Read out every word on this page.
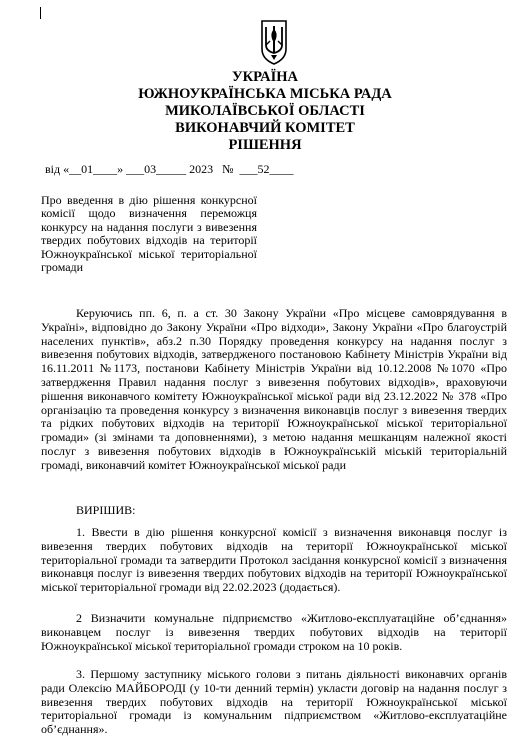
УКРАЇНА
ЮЖНОУКРАЇНСЬКА МІСЬКА РАДА
МИКОЛАЇВСЬКОЇ ОБЛАСТІ
ВИКОНАВЧИЙ КОМІТЕТ
РІШЕННЯ
від «__01____» ___03_____ 2023   №  ___52____
Про введення в дію рішення конкурсної комісії щодо визначення переможця конкурсу на надання послуги з вивезення твердих побутових відходів на території Южноукраїнської міської територіальної громади
Керуючись пп. 6, п. а ст. 30 Закону України «Про місцеве самоврядування в Україні», відповідно до Закону України «Про відходи», Закону України «Про благоустрій населених пунктів», абз.2 п.30 Порядку проведення конкурсу на надання послуг з вивезення побутових відходів, затвердженого постановою Кабінету Міністрів України від 16.11.2011 №1173, постанови Кабінету Міністрів України від 10.12.2008 №1070 «Про затвердження Правил надання послуг з вивезення побутових відходів», враховуючи рішення виконавчого комітету Южноукраїнської міської ради від 23.12.2022 № 378 «Про організацію та проведення конкурсу з визначення виконавців послуг з вивезення твердих та рідких побутових відходів на території Южноукраїнської міської територіальної громади» (зі змінами та доповненнями), з метою надання мешканцям належної якості послуг з вивезення побутових відходів в Южноукраїнській міській територіальній громаді, виконавчий комітет Южноукраїнської міської ради
ВИРІШИВ:
1. Ввести в дію рішення конкурсної комісії з визначення виконавця послуг із вивезення твердих побутових відходів на території Южноукраїнської міської територіальної громади та затвердити Протокол засідання конкурсної комісії з визначення виконавця послуг із вивезення твердих побутових відходів на території Южноукраїнської міської територіальної громади від 22.02.2023 (додається).
2 Визначити комунальне підприємство «Житлово-експлуатаційне об’єднання» виконавцем послуг із вивезення твердих побутових відходів на території Южноукраїнської міської територіальної громади строком на 10 років.
3. Першому заступнику міського голови з питань діяльності виконавчих органів ради Олексію МАЙБОРОДІ (у 10-ти денний термін) укласти договір на надання послуг з вивезення твердих побутових відходів на території Южноукраїнської міської територіальної громади із комунальним підприємством «Житлово-експлуатаційне об’єднання».
